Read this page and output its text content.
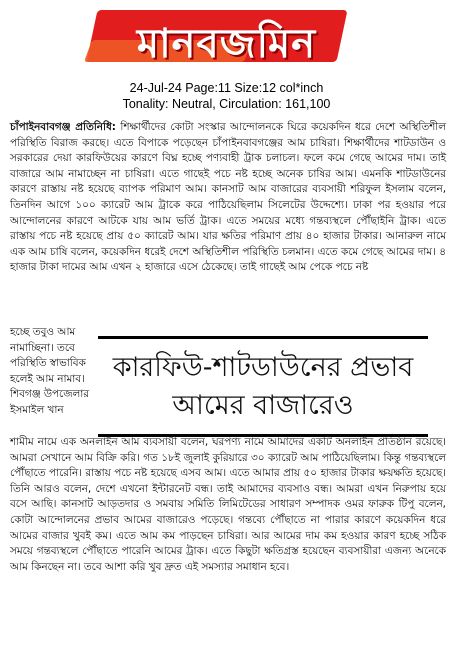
মানবজমিন
24-Jul-24 Page:11 Size:12 col*inch
Tonality: Neutral, Circulation: 161,100

চাঁপাইনবাবগঞ্জ প্রতিনিধি: শিক্ষার্থীদের কোটা সংস্কার আন্দোলনকে ঘিরে কয়েকদিন ধরে দেশে অস্থিতিশীল পরিস্থিতি বিরাজ করছে। এতে বিপাকে পড়েছেন চাঁপাইনবাবগঞ্জের আম চাষিরা। শিক্ষার্থীদের শাটডাউন ও সরকারের দেয়া কারফিউয়ের কারণে বিঘ্ন হচ্ছে পণ্যবাহী ট্রাক চলাচল। ফলে কমে গেছে আমের দাম। তাই বাজারে আম নামাচ্ছেন না চাষিরা। এতে গাছেই পচে নষ্ট হচ্ছে অনেক চাষির আম। এমনকি শাটডাউনের কারণে রাস্তায় নষ্ট হয়েছে ব্যাপক পরিমাণ আম। কানসাট আম বাজারের ব্যবসায়ী শরিফুল ইসলাম বলেন, তিনদিন আগে ১০০ ক্যারেট আম ট্রাকে করে পাঠিয়েছিলাম সিলেটের উদ্দেশ্যে। ঢাকা পর হওয়ার পরে আন্দোলনের কারণে আটকে যায় আম ভর্তি ট্রাক। এতে সময়ের মধ্যে গন্তব্যস্থলে পৌঁছাইনি ট্রাক। এতে রাস্তায় পচে নষ্ট হয়েছে প্রায় ৫০ ক্যারেট আম। যার ক্ষতির পরিমাণ প্রায় ৪০ হাজার টাকার। আনারুল নামে এক আম চাষি বলেন, কয়েকদিন ধরেই দেশে অস্থিতিশীল পরিস্থিতি চলমান। এতে কমে গেছে আমের দাম। ৪ হাজার টাকা দামের আম এখন ২ হাজারে এসে ঠেকেছে। তাই গাছেই আম পেকে পচে নষ্ট

হচ্ছে তবুও আম নামাচ্ছিনা। তবে পরিস্থিতি স্বাভাবিক হলেই আম নামাব। শিবগঞ্জ উপজেলার ইসমাইল খান
কারফিউ-শাটডাউনের প্রভাব আমের বাজারেও
শামীম নামে এক অনলাইন আম ব্যবসায়ী বলেন, ঘরপণ্য নামে আমাদের একটি অনলাইন প্রতিষ্ঠান রয়েছে। আমরা সেখানে আম বিক্রি করি। গত ১৮ই জুলাই কুরিয়ারে ৩০ ক্যারেট আম পাঠিয়েছিলাম। কিন্তু গন্তব্যস্থলে পৌঁছাতে পারেনি। রাস্তায় পচে নষ্ট হয়েছে এসব আম। এতে আমার প্রায় ৫০ হাজার টাকার ক্ষয়ক্ষতি হয়েছে। তিনি আরও বলেন, দেশে এখনো ইন্টারনেট বন্ধ। তাই আমাদের ব্যবসাও বন্ধ। আমরা এখন নিরুপায় হয়ে বসে আছি। কানসাট আড়তদার ও সমবায় সমিতি লিমিটেডের সাধারণ সম্পাদক ওমর ফারুক টিপু বলেন, কোটা আন্দোলনের প্রভাব আমের বাজারেও পড়েছে। গন্তব্যে পৌঁছাতে না পারার কারণে কয়েকদিন ধরে আমের বাজার খুবই কম। এতে আম কম পাড়ছেন চাষিরা। আর আমের দাম কম হওয়ার কারণ হচ্ছে সঠিক সময়ে গন্তব্যস্থলে পৌঁছাতে পারেনি আমের ট্রাক। এতে কিছুটা ক্ষতিগ্রস্ত হয়েছেন ব্যবসায়ীরা এজন্য অনেকে আম কিনছেন না। তবে আশা করি খুব দ্রুত এই সমস্যার সমাধান হবে।
